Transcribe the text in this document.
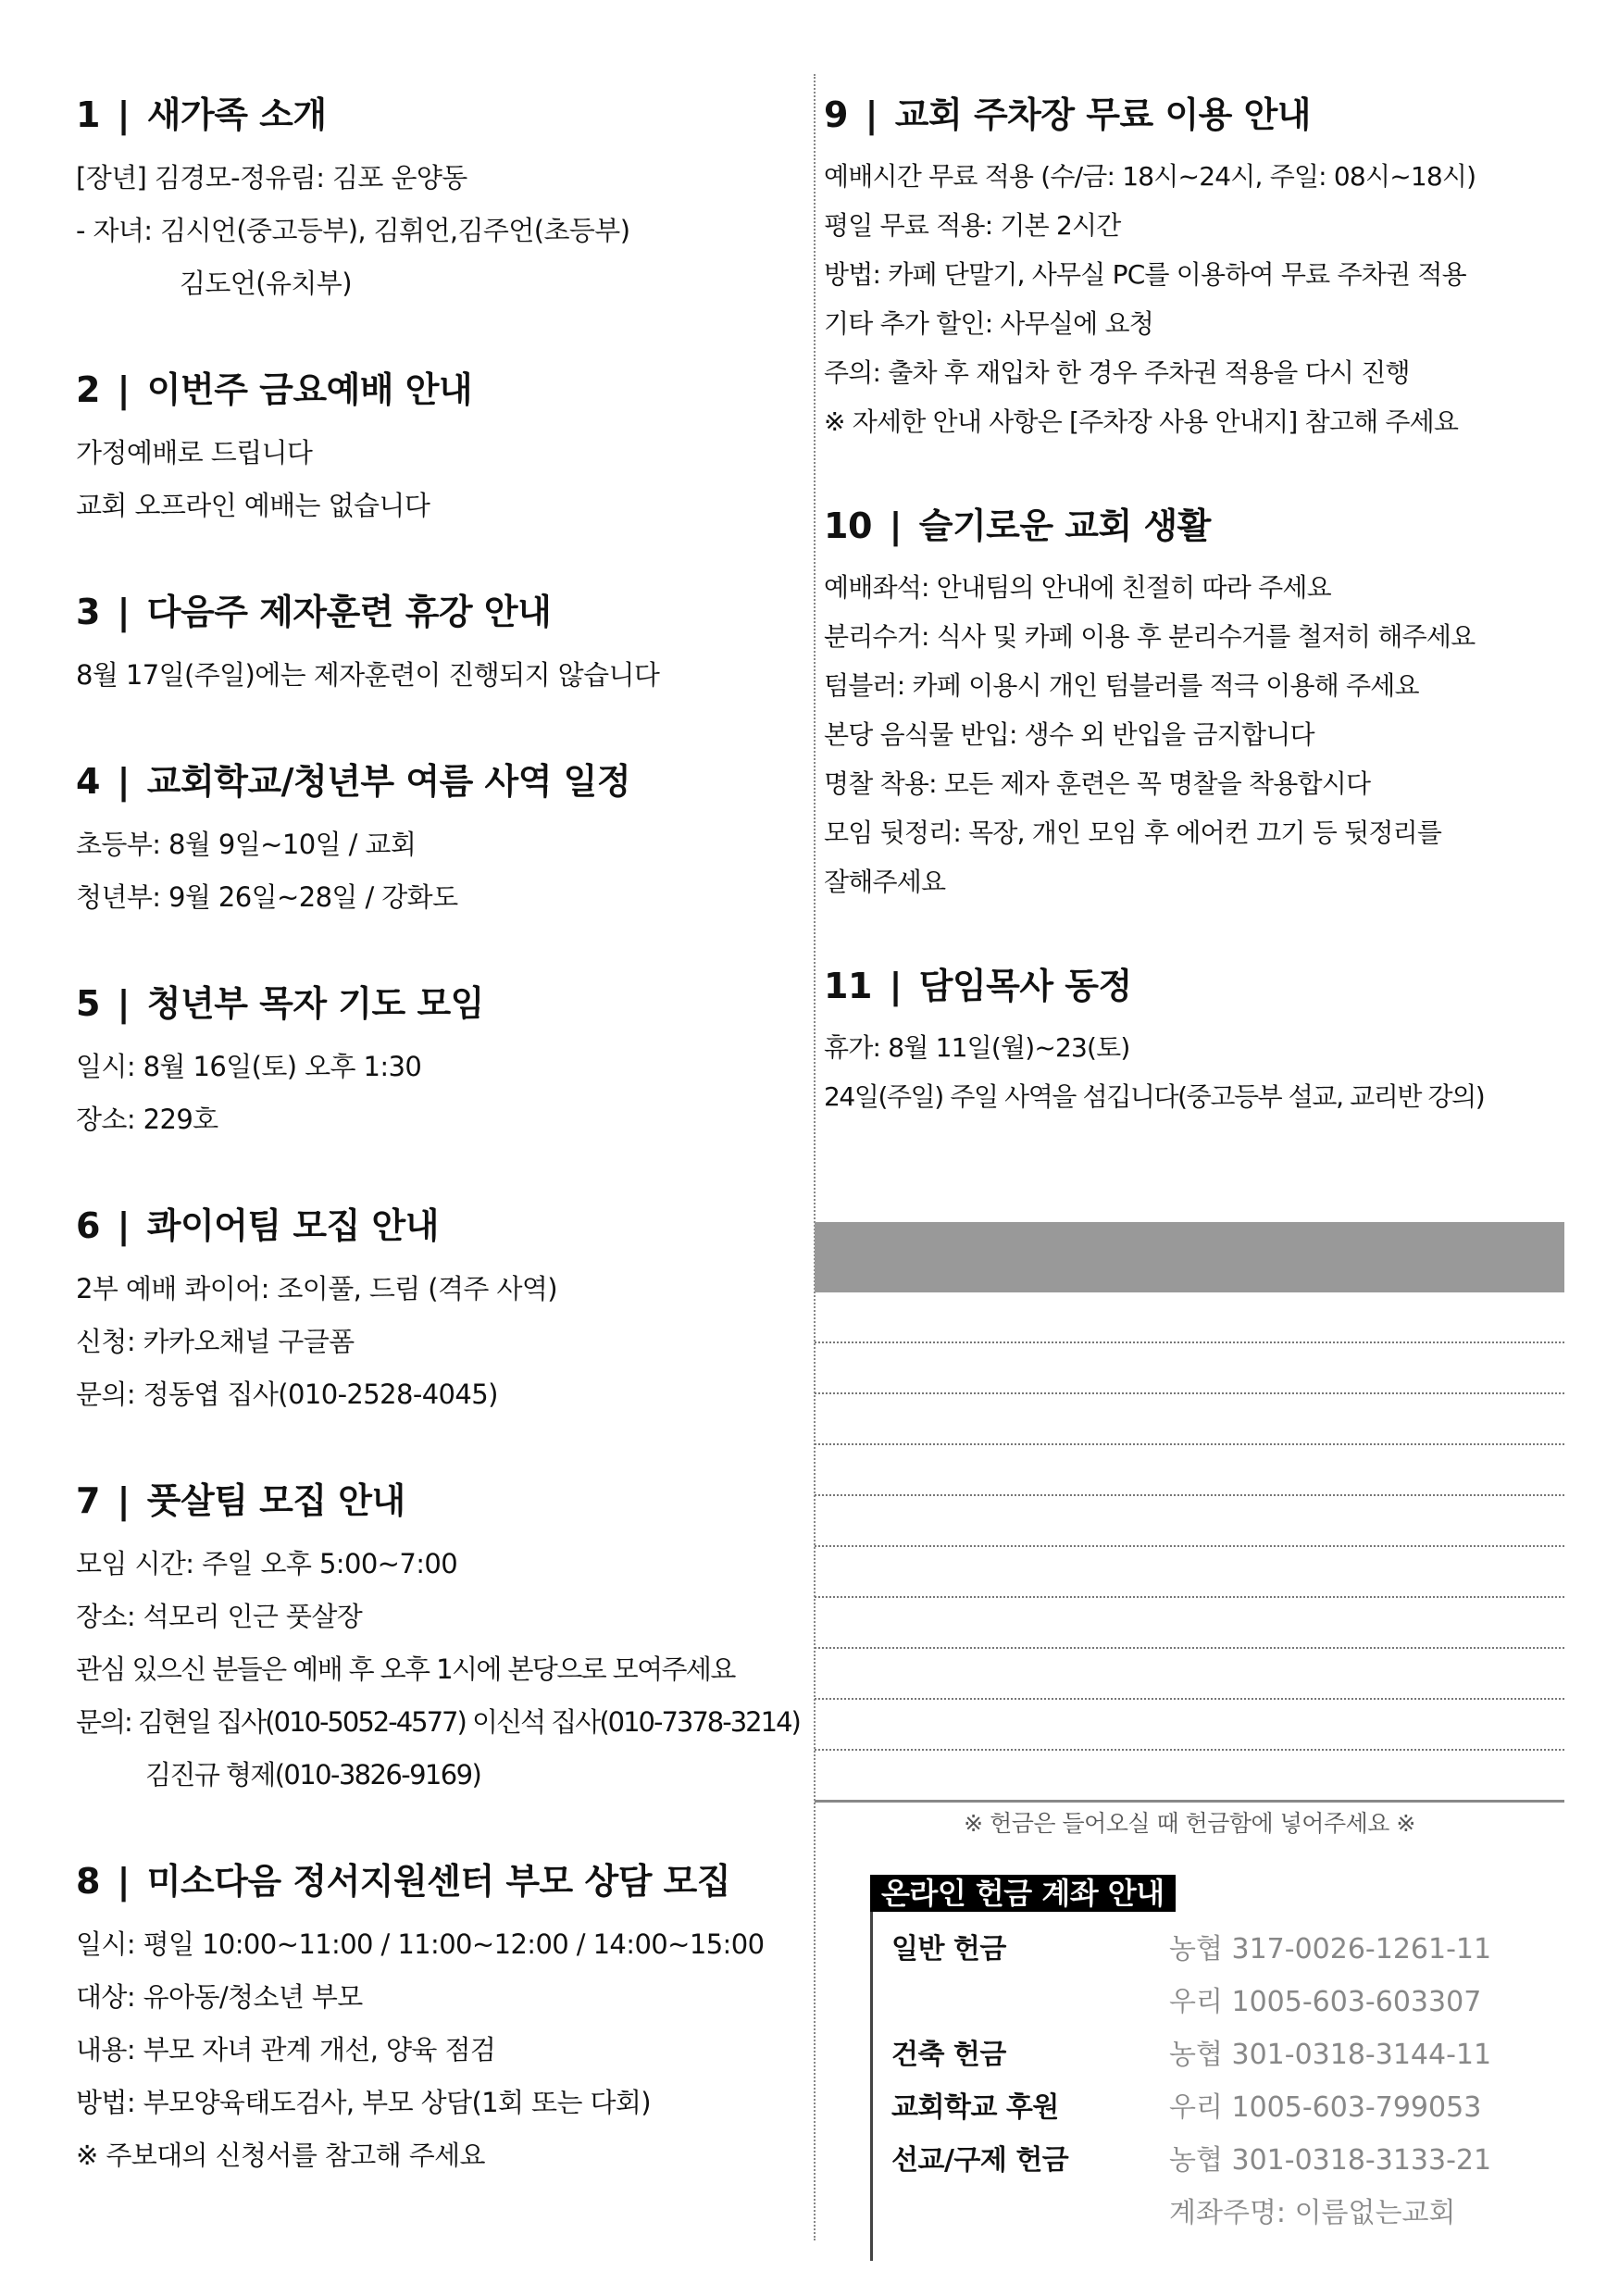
1 | 새가족 소개
[장년] 김경모-정유림: 김포 운양동
- 자녀: 김시언(중고등부), 김휘언,김주언(초등부)
김도언(유치부)
2 | 이번주 금요예배 안내
가정예배로 드립니다
교회 오프라인 예배는 없습니다
3 | 다음주 제자훈련 휴강 안내
8월 17일(주일)에는 제자훈련이 진행되지 않습니다
4 | 교회학교/청년부 여름 사역 일정
초등부: 8월 9일~10일 / 교회
청년부: 9월 26일~28일 / 강화도
5 | 청년부 목자 기도 모임
일시: 8월 16일(토) 오후 1:30
장소: 229호
6 | 콰이어팀 모집 안내
2부 예배 콰이어: 조이풀, 드림 (격주 사역)
신청: 카카오채널 구글폼
문의: 정동엽 집사(010-2528-4045)
7 | 풋살팀 모집 안내
모임 시간: 주일 오후 5:00~7:00
장소: 석모리 인근 풋살장
관심 있으신 분들은 예배 후 오후 1시에 본당으로 모여주세요
문의: 김현일 집사(010-5052-4577) 이신석 집사(010-7378-3214)
김진규 형제(010-3826-9169)
8 | 미소다음 정서지원센터 부모 상담 모집
일시: 평일 10:00~11:00 / 11:00~12:00 / 14:00~15:00
대상: 유아동/청소년 부모
내용: 부모 자녀 관계 개선, 양육 점검
방법: 부모양육태도검사, 부모 상담(1회 또는 다회)
※ 주보대의 신청서를 참고해 주세요
9 | 교회 주차장 무료 이용 안내
예배시간 무료 적용 (수/금: 18시~24시, 주일: 08시~18시)
평일 무료 적용: 기본 2시간
방법: 카페 단말기, 사무실 PC를 이용하여 무료 주차권 적용
기타 추가 할인: 사무실에 요청
주의: 출차 후 재입차 한 경우 주차권 적용을 다시 진행
※ 자세한 안내 사항은 [주차장 사용 안내지] 참고해 주세요
10 | 슬기로운 교회 생활
예배좌석: 안내팀의 안내에 친절히 따라 주세요
분리수거: 식사 및 카페 이용 후 분리수거를 철저히 해주세요
텀블러: 카페 이용시 개인 텀블러를 적극 이용해 주세요
본당 음식물 반입: 생수 외 반입을 금지합니다
명찰 착용: 모든 제자 훈련은 꼭 명찰을 착용합시다
모임 뒷정리: 목장, 개인 모임 후 에어컨 끄기 등 뒷정리를
잘해주세요
11 | 담임목사 동정
휴가: 8월 11일(월)~23(토)
24일(주일) 주일 사역을 섬깁니다(중고등부 설교, 교리반 강의)
※ 헌금은 들어오실 때 헌금함에 넣어주세요 ※
온라인 헌금 계좌 안내
일반 헌금	농협 317-0026-1261-11
우리 1005-603-603307
건축 헌금	농협 301-0318-3144-11
교회학교 후원	우리 1005-603-799053
선교/구제 헌금	농협 301-0318-3133-21
계좌주명: 이름없는교회
